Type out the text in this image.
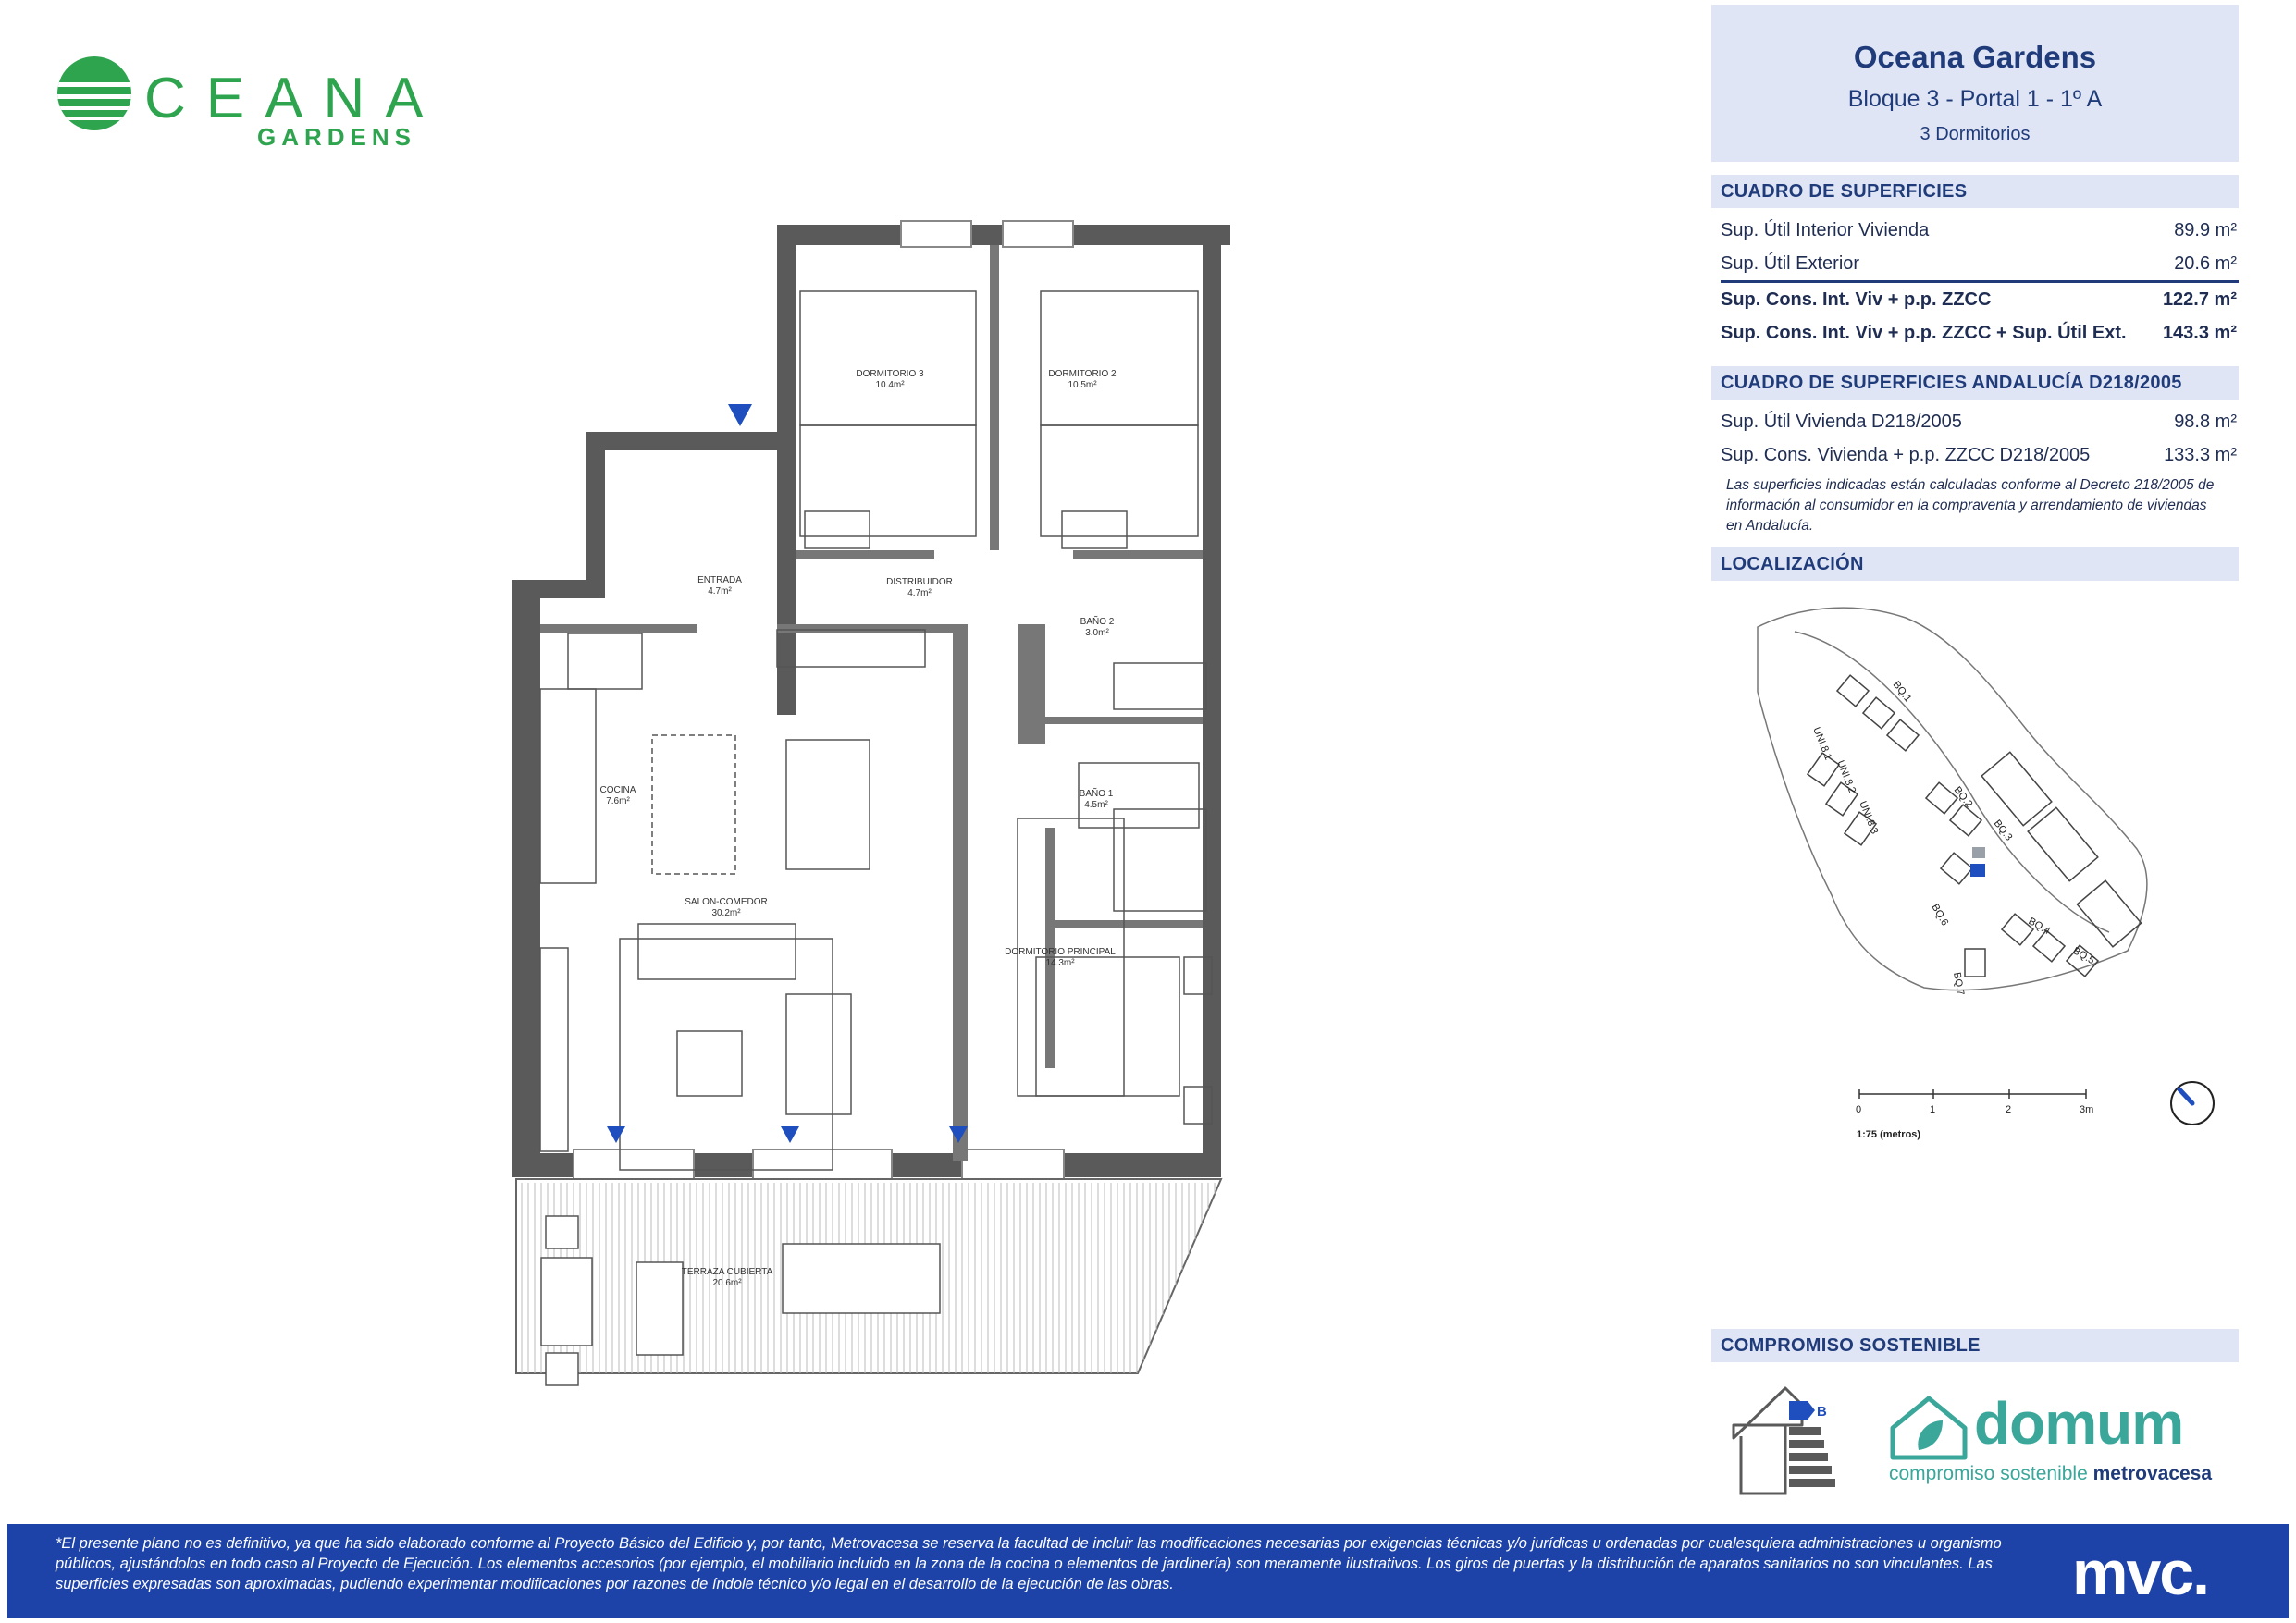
CEANA
GARDENS
DORMITORIO 3
10.4m²
DORMITORIO 2
10.5m²
ENTRADA
4.7m²
DISTRIBUIDOR
4.7m²
BAÑO 2
3.0m²
COCINA
7.6m²
BAÑO 1
4.5m²
SALON-COMEDOR
30.2m²
DORMITORIO PRINCIPAL
14.3m²
TERRAZA CUBIERTA
20.6m²
Oceana Gardens
Bloque 3 - Portal 1 - 1º A
3 Dormitorios
CUADRO DE SUPERFICIES
Sup. Útil Interior Vivienda	89.9 m²
Sup. Útil Exterior	20.6 m²
Sup. Cons. Int. Viv + p.p. ZZCC	122.7 m²
Sup. Cons. Int. Viv + p.p. ZZCC + Sup. Útil Ext. 143.3 m²
CUADRO DE SUPERFICIES ANDALUCÍA D218/2005
Sup. Útil Vivienda D218/2005	98.8 m²
Sup. Cons. Vivienda + p.p. ZZCC D218/2005	133.3 m²
Las superficies indicadas están calculadas conforme al Decreto 218/2005 de información al consumidor en la compraventa y arrendamiento de viviendas en Andalucía.
LOCALIZACIÓN
BQ.1
BQ.2
BQ.3
BQ.4
BQ.5
BQ.6
BQ.7
UNI.8.1
UNI.8.2
UNI.8.3
0	1	2	3m
1:75 (metros)
COMPROMISO SOSTENIBLE
B domum
compromiso sostenible metrovacesa
*El presente plano no es definitivo, ya que ha sido elaborado conforme al Proyecto Básico del Edificio y, por tanto, Metrovacesa se reserva la facultad de incluir las modificaciones necesarias por exigencias técnicas y/o jurídicas u ordenadas por cualesquiera administraciones u organismo públicos, ajustándolos en todo caso al Proyecto de Ejecución. Los elementos accesorios (por ejemplo, el mobiliario incluido en la zona de la cocina o elementos de jardinería) son meramente ilustrativos. Los giros de puertas y la distribución de aparatos sanitarios no son vinculantes. Las superficies expresadas son aproximadas, pudiendo experimentar modificaciones por razones de índole técnico y/o legal en el desarrollo de la ejecución de las obras.	mvc.
